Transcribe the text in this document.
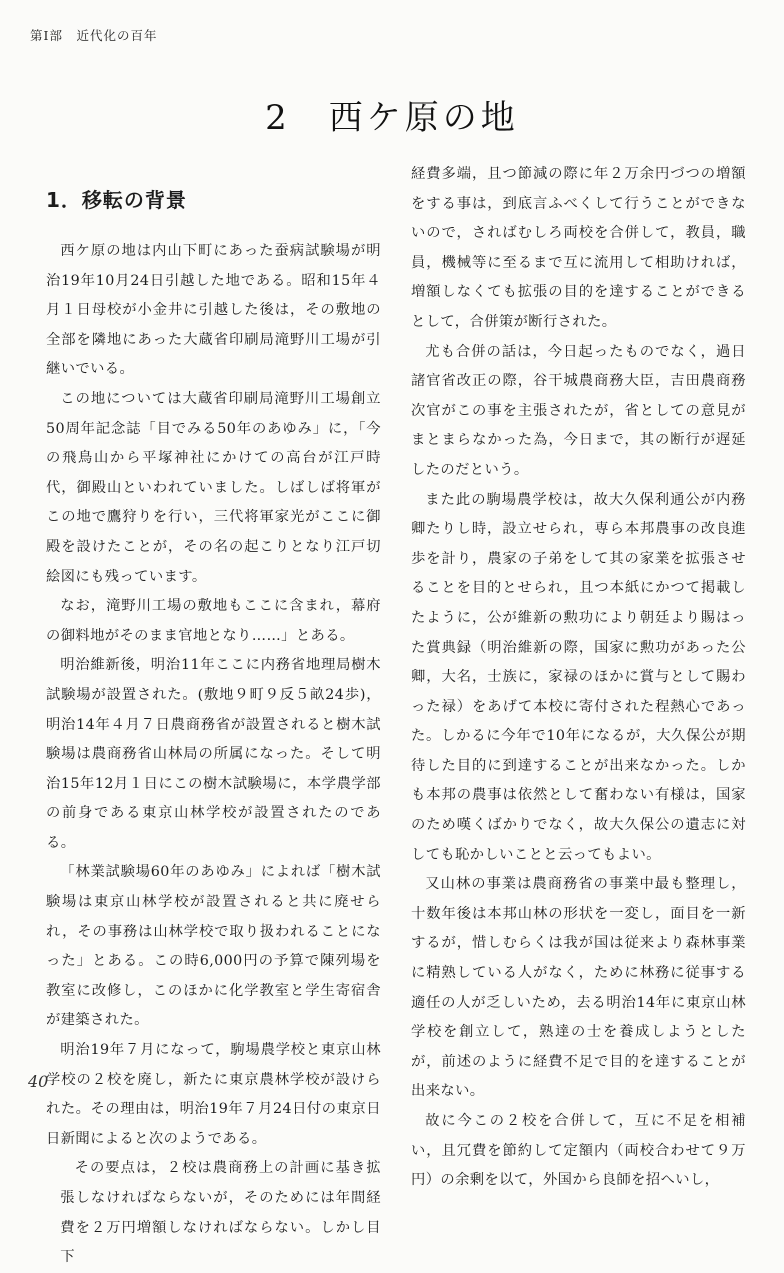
第Ⅰ部　近代化の百年
2　西ケ原の地
1．移転の背景

西ケ原の地は内山下町にあった蚕病試験場が明治19年10月24日引越した地である。昭和15年４月１日母校が小金井に引越した後は，その敷地の全部を隣地にあった大蔵省印刷局滝野川工場が引継いでいる。

この地については大蔵省印刷局滝野川工場創立50周年記念誌「目でみる50年のあゆみ」に，「今の飛鳥山から平塚神社にかけての高台が江戸時代，御殿山といわれていました。しばしば将軍がこの地で鷹狩りを行い，三代将軍家光がここに御殿を設けたことが，その名の起こりとなり江戸切絵図にも残っています。

なお，滝野川工場の敷地もここに含まれ，幕府の御料地がそのまま官地となり……」とある。

明治維新後，明治11年ここに内務省地理局樹木試験場が設置された。(敷地９町９反５畝24歩)，明治14年４月７日農商務省が設置されると樹木試験場は農商務省山林局の所属になった。そして明治15年12月１日にこの樹木試験場に，本学農学部の前身である東京山林学校が設置されたのである。

「林業試験場60年のあゆみ」によれば「樹木試験場は東京山林学校が設置されると共に廃せられ，その事務は山林学校で取り扱われることになった」とある。この時6,000円の予算で陳列場を教室に改修し，このほかに化学教室と学生寄宿舎が建築された。

明治19年７月になって，駒場農学校と東京山林学校の２校を廃し，新たに東京農林学校が設けられた。その理由は，明治19年７月24日付の東京日日新聞によると次のようである。

その要点は，２校は農商務上の計画に基き拡張しなければならないが，そのためには年間経費を２万円増額しなければならない。しかし目下

経費多端，且つ節減の際に年２万余円づつの増額をする事は，到底言ふべくして行うことができないので，さればむしろ両校を合併して，教員，職員，機械等に至るまで互に流用して相助ければ，増額しなくても拡張の目的を達することができるとして，合併策が断行された。

尤も合併の話は，今日起ったものでなく，過日諸官省改正の際，谷干城農商務大臣，吉田農商務次官がこの事を主張されたが，省としての意見がまとまらなかった為，今日まで，其の断行が遅延したのだという。

また此の駒場農学校は，故大久保利通公が内務卿たりし時，設立せられ，専ら本邦農事の改良進歩を計り，農家の子弟をして其の家業を拡張させることを目的とせられ，且つ本紙にかつて掲載したように，公が維新の勲功により朝廷より賜はった賞典録（明治維新の際，国家に勲功があった公卿，大名，士族に，家禄のほかに賞与として賜わった禄）をあげて本校に寄付された程熱心であった。しかるに今年で10年になるが，大久保公が期待した目的に到達することが出来なかった。しかも本邦の農事は依然として奮わない有様は，国家のため嘆くばかりでなく，故大久保公の遺志に対しても恥かしいことと云ってもよい。

又山林の事業は農商務省の事業中最も整理し，十数年後は本邦山林の形状を一変し，面目を一新するが，惜しむらくは我が国は従来より森林事業に精熟している人がなく，ために林務に従事する適任の人が乏しいため，去る明治14年に東京山林学校を創立して，熟達の士を養成しようとしたが，前述のように経費不足で目的を達することが出来ない。

故に今この２校を合併して，互に不足を相補い，且冗費を節約して定額内（両校合わせて９万円）の余剰を以て，外国から良師を招へいし，

40
